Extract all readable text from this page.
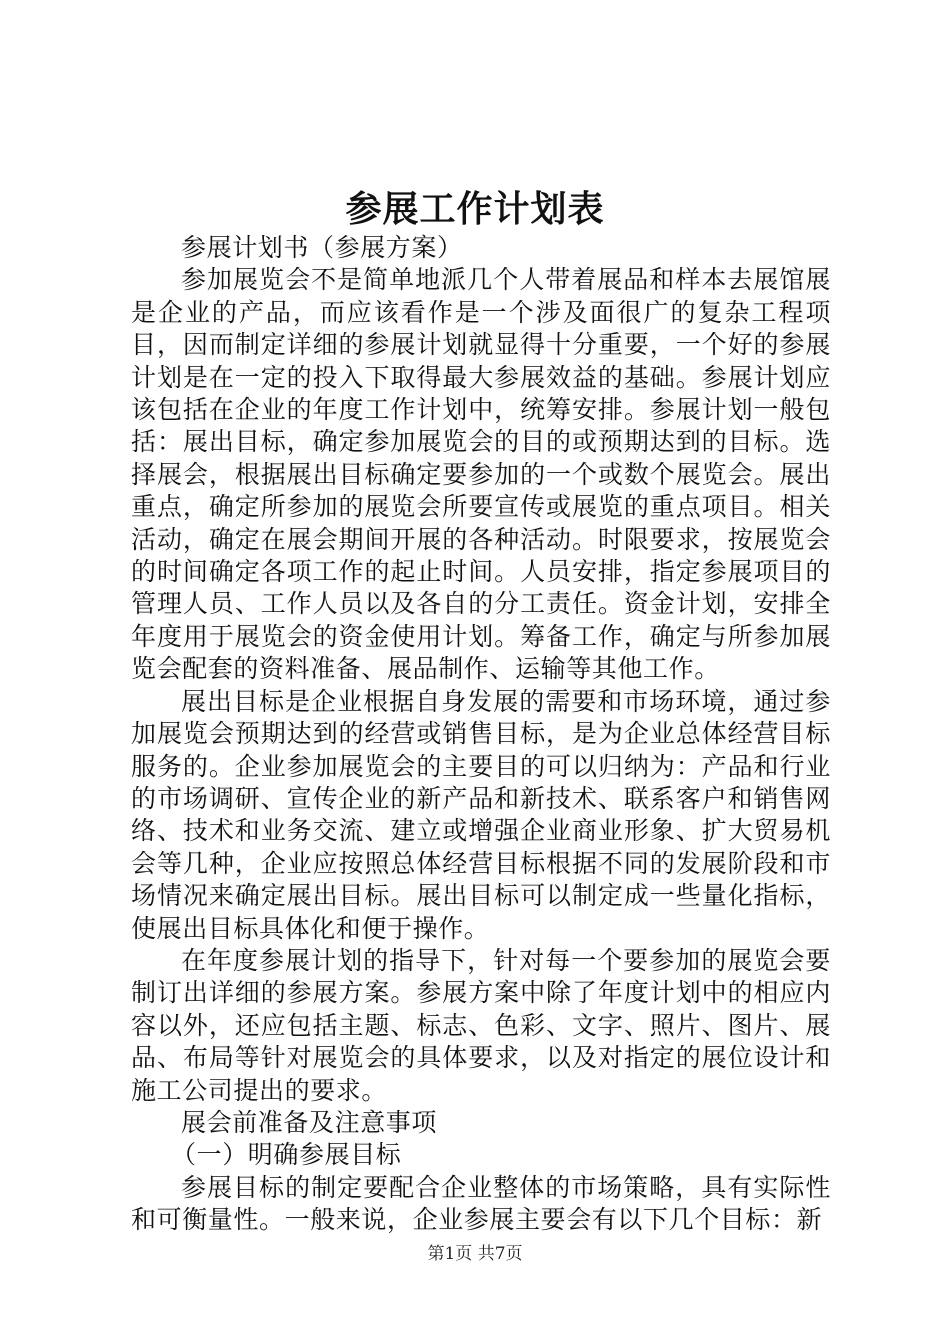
参展工作计划表

参展计划书（参展方案）

参加展览会不是简单地派几个人带着展品和样本去展馆展是企业的产品，而应该看作是一个涉及面很广的复杂工程项目，因而制定详细的参展计划就显得十分重要，一个好的参展计划是在一定的投入下取得最大参展效益的基础。参展计划应该包括在企业的年度工作计划中，统筹安排。参展计划一般包括：展出目标，确定参加展览会的目的或预期达到的目标。选择展会，根据展出目标确定要参加的一个或数个展览会。展出重点，确定所参加的展览会所要宣传或展览的重点项目。相关活动，确定在展会期间开展的各种活动。时限要求，按展览会的时间确定各项工作的起止时间。人员安排，指定参展项目的管理人员、工作人员以及各自的分工责任。资金计划，安排全年度用于展览会的资金使用计划。筹备工作，确定与所参加展览会配套的资料准备、展品制作、运输等其他工作。

展出目标是企业根据自身发展的需要和市场环境，通过参加展览会预期达到的经营或销售目标，是为企业总体经营目标服务的。企业参加展览会的主要目的可以归纳为：产品和行业的市场调研、宣传企业的新产品和新技术、联系客户和销售网络、技术和业务交流、建立或增强企业商业形象、扩大贸易机会等几种，企业应按照总体经营目标根据不同的发展阶段和市场情况来确定展出目标。展出目标可以制定成一些量化指标，使展出目标具体化和便于操作。

在年度参展计划的指导下，针对每一个要参加的展览会要制订出详细的参展方案。参展方案中除了年度计划中的相应内容以外，还应包括主题、标志、色彩、文字、照片、图片、展品、布局等针对展览会的具体要求，以及对指定的展位设计和施工公司提出的要求。

展会前准备及注意事项

（一）明确参展目标

参展目标的制定要配合企业整体的市场策略，具有实际性和可衡量性。一般来说，企业参展主要会有以下几个目标：新

第1页 共7页
